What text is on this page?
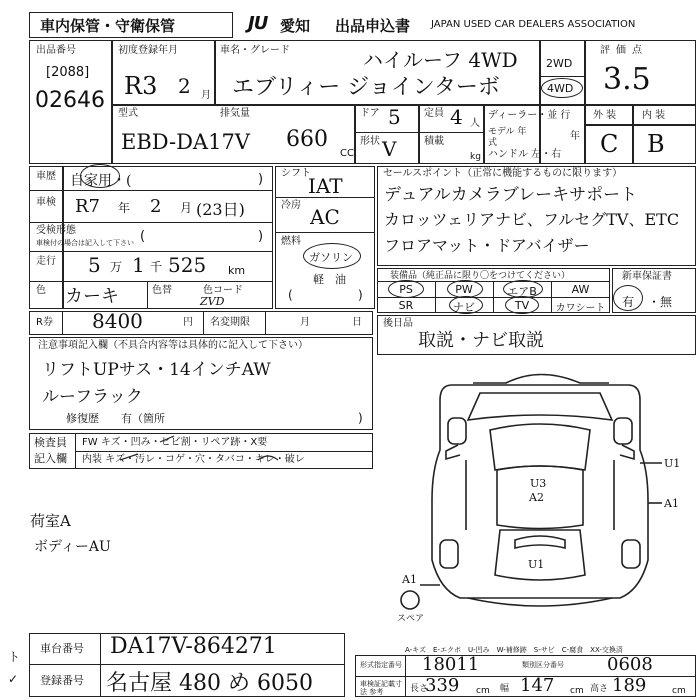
車内保管・守衛保管	JU 愛知 出品申込書 JAPAN USED CAR DEALERS ASSOCIATION
出品番号
[2088]
02646
初度登録年月
R3 2 月
車名・グレード	ハイルーフ 4WD
エブリィー ジョインターボ
2WD
4WD
評価点
3.5
型式
EBD-DA17V
排気量
660
CC
ドア 5
形状 V
定員 4 人
積載
kg
ディーラー・並 行
モデル 年式
年
ハンドル 左・右
外 装	内 装
C B
車歴 自家用・(	)
車検 R7 年 2 月 (23日)
受検形態
車検付の場合は記入して下さい (	)
走行 5 万 1 千 525 km
色 カーキ	色替	色コード
ZVD
シフト
IAT
冷房 AC
燃料
ガソリン
軽　油
(	)
セールスポイント（正常に機能するものに限ります）
デュアルカメラブレーキサポート
カロッツェリアナビ、フルセグTV、ETC
フロアマット・ドアバイザー
装備品（純正品に限り〇をつけてください）
PS	PW	エアB	AW
SR	ナビ	TV	カワシート
新車保証書
有 ・無
R券 8400	円 名変期限	月	日 後日品
取説・ナビ取説
注意事項記入欄（不具合内容等は具体的に記入して下さい）
リフトUPサス・14インチAW
ルーフラック
修復歴　　有（箇所	)
検査員
記入欄
FW キズ・凹み・ヒビ割・リペア跡・X要
内装 キズ・汚レ・コゲ・穴・タバコ・キレ・破レ
荷室A
ボディーAU
U3
A2
U1
U1
A1
A1
スペア
A-キズ　E-エクボ　U-凹み　W-補修跡　S-サビ　C-腐食　XX-交換済
車台番号 DA17V-864271
登録番号 名古屋 480 め 6050
ト
✓
形式指定番号 18011	類別区分番号 0608
車検証記載寸法 参考	長さ
339 cm 幅 147 cm 高さ 189	cm
